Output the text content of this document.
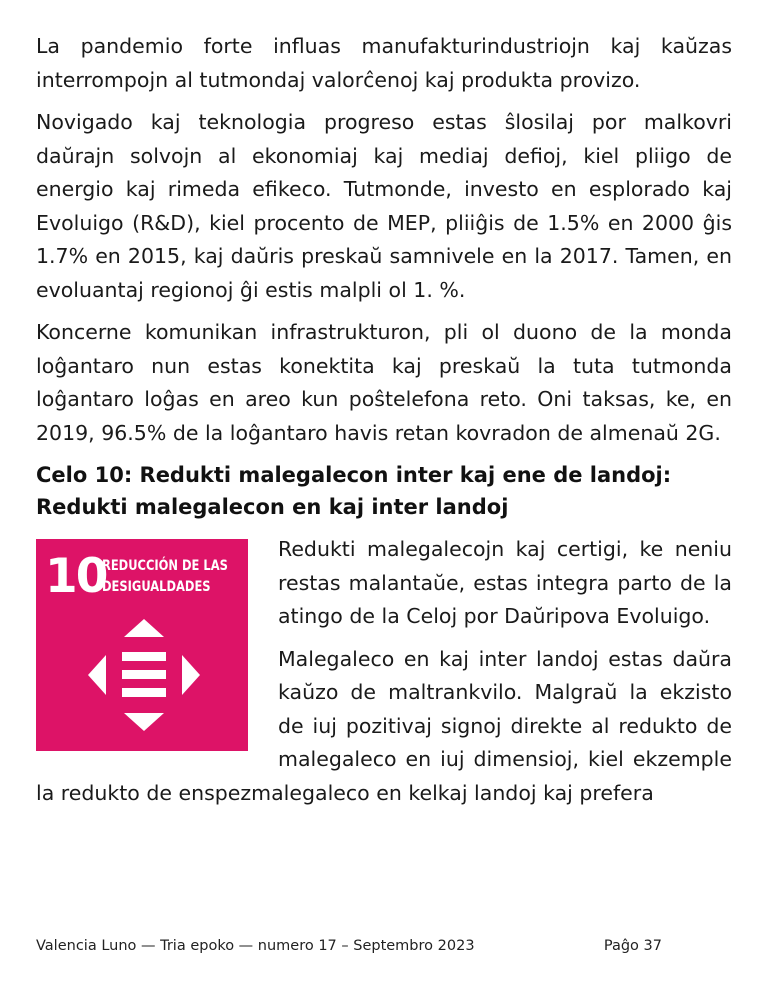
La pandemio forte influas manufakturindustriojn kaj kaŭzas interrompojn al tutmondaj valorĉenoj kaj produkta provizo.

Novigado kaj teknologia progreso estas ŝlosilaj por malkovri daŭrajn solvojn al ekonomiaj kaj mediaj defioj, kiel pliigo de energio kaj rimeda efikeco. Tutmonde, investo en esplorado kaj Evoluigo (R&D), kiel procento de MEP, pliiĝis de 1.5% en 2000 ĝis 1.7% en 2015, kaj daŭris preskaŭ samnivele en la 2017. Tamen, en evoluantaj regionoj ĝi estis malpli ol 1. %.

Koncerne komunikan infrastrukturon, pli ol duono de la monda loĝantaro nun estas konektita kaj preskaŭ la tuta tutmonda loĝantaro loĝas en areo kun poŝtelefona reto. Oni taksas, ke, en 2019, 96.5% de la loĝantaro havis retan kovradon de almenaŭ 2G.

Celo 10: Redukti malegalecon inter kaj ene de landoj: Redukti malegalecon en kaj inter landoj
10
REDUCCIÓN DE LAS
DESIGUALDADES

Redukti malegalecojn kaj certigi, ke neniu restas malantaŭe, estas integra parto de la atingo de la Celoj por Daŭripova Evoluigo.

Malegaleco en kaj inter landoj estas daŭra kaŭzo de maltrankvilo. Malgraŭ la ekzisto de iuj pozitivaj signoj direkte al redukto de malegaleco en iuj dimensioj, kiel ekzemple la redukto de enspezmalegaleco en kelkaj landoj kaj prefera

Valencia Luno — Tria epoko — numero 17 – Septembro 2023	Paĝo 37
